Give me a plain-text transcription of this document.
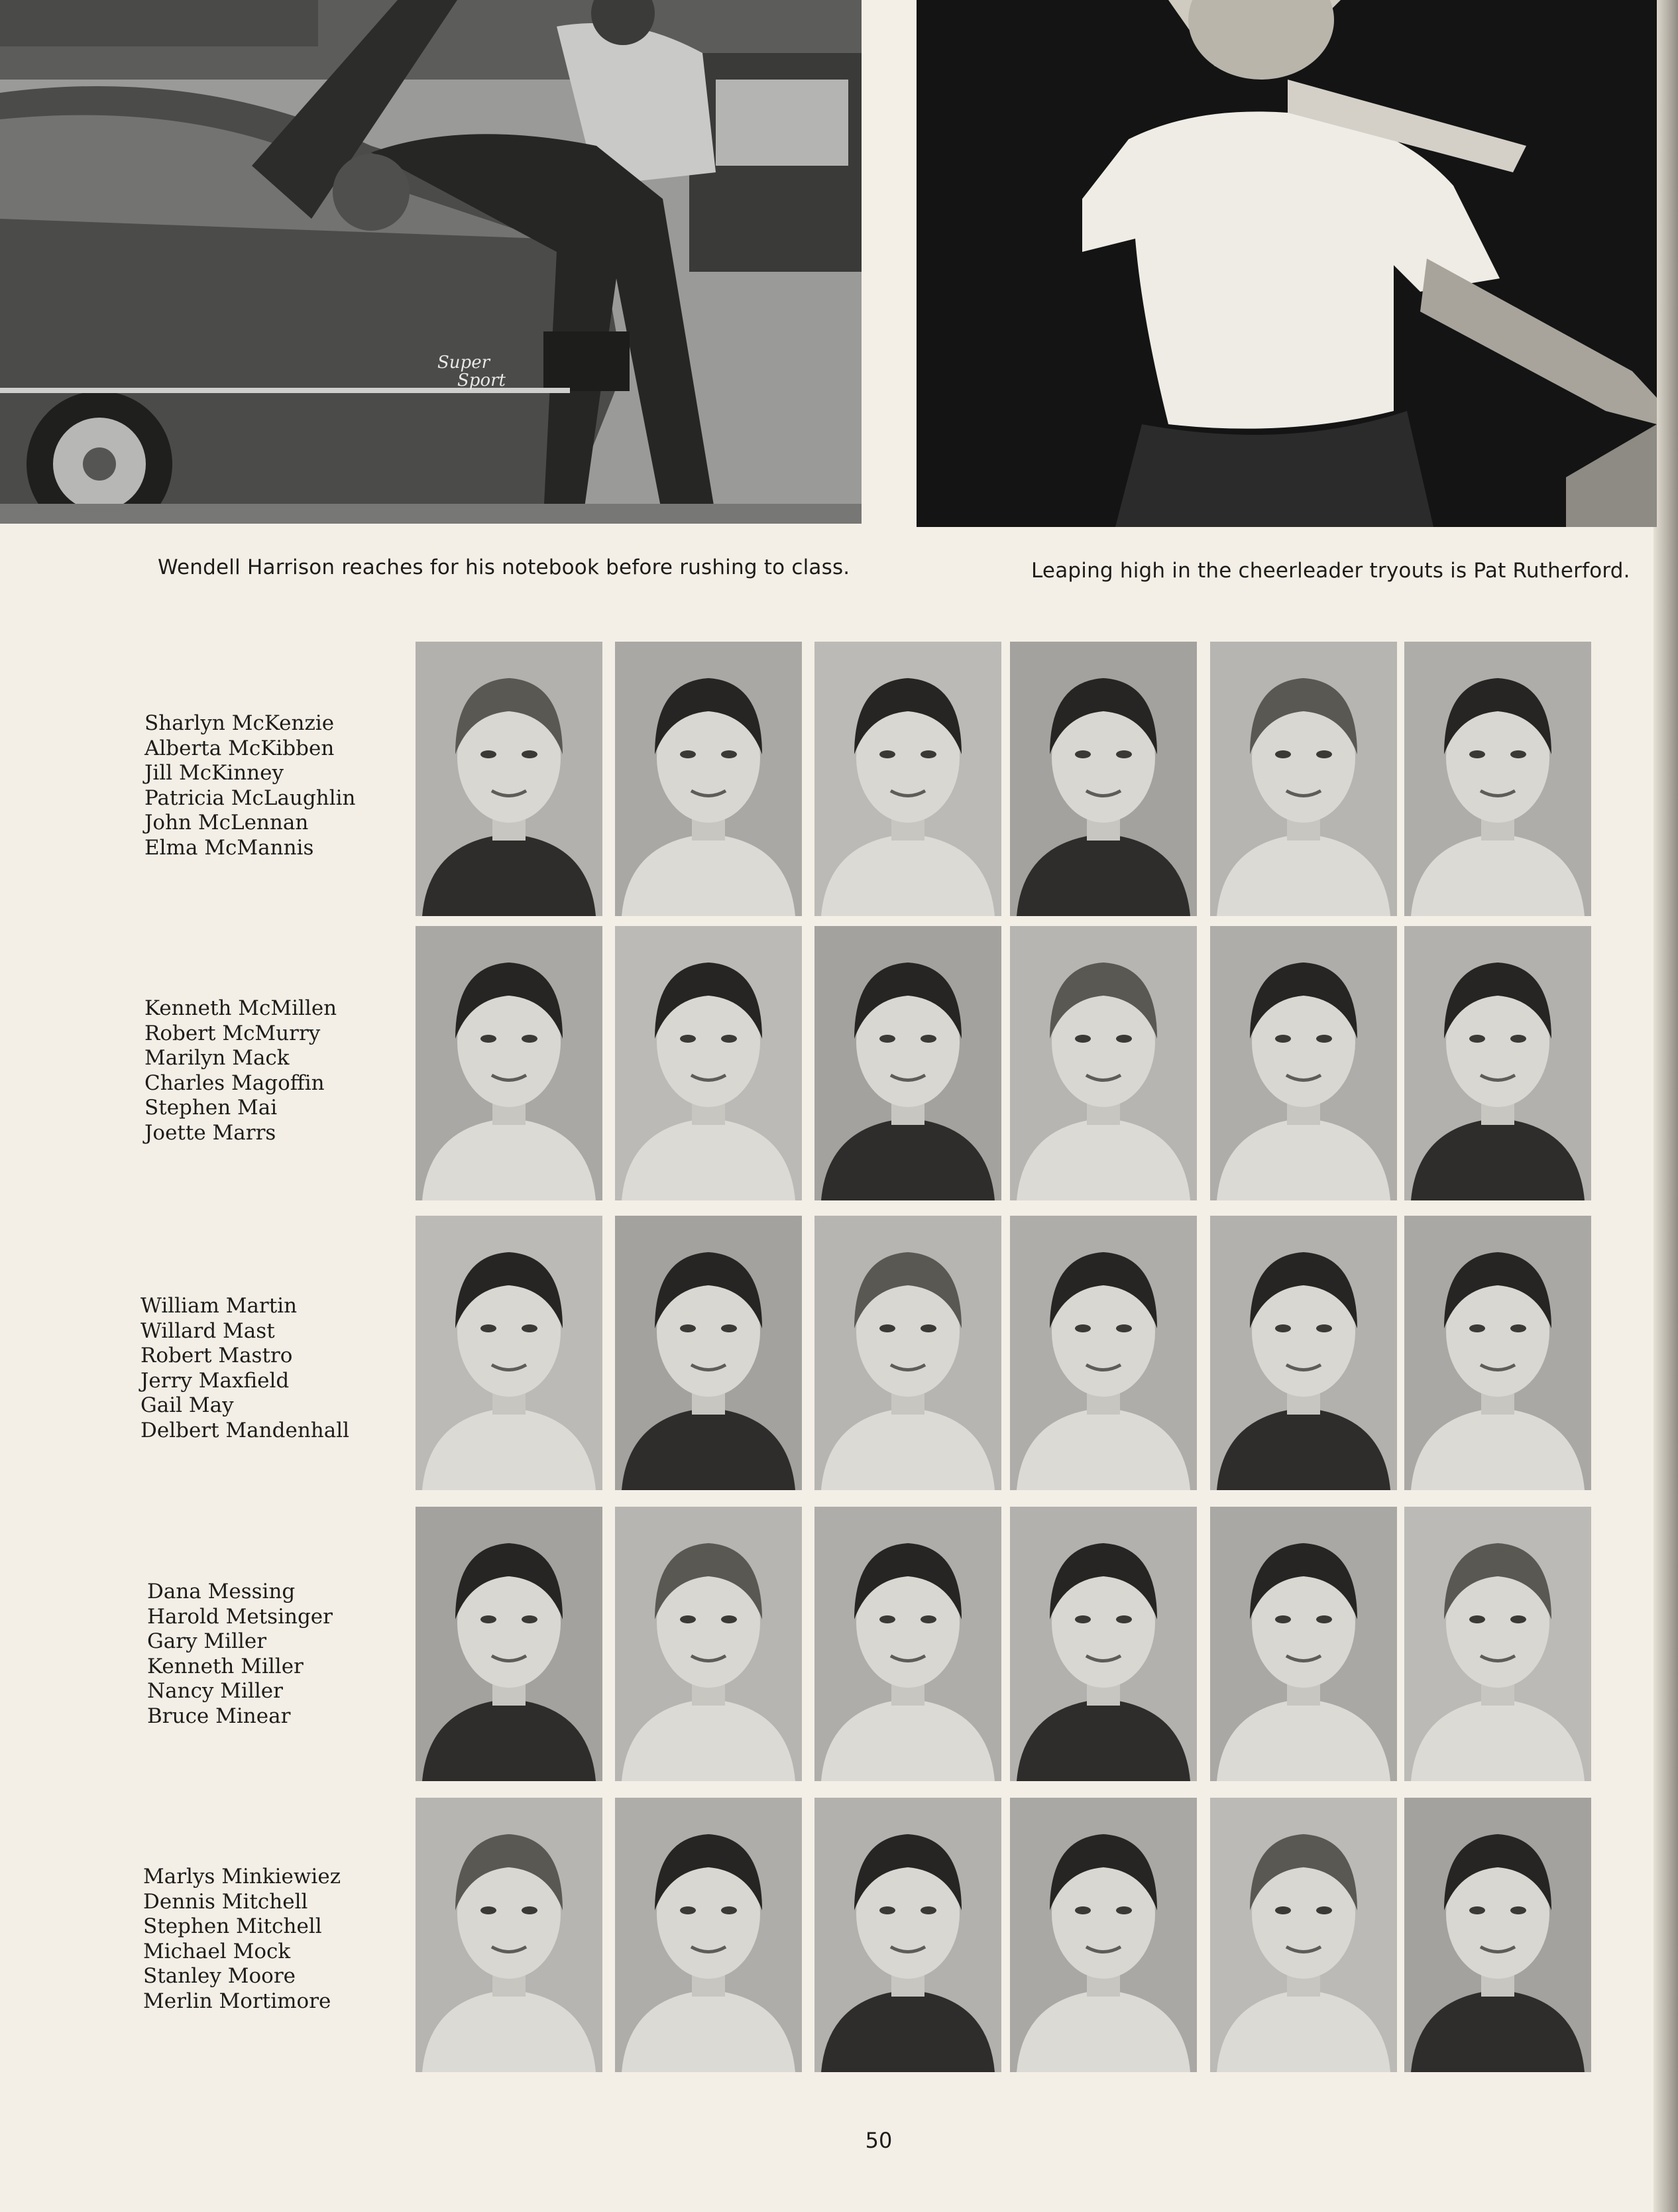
Super
Sport
Wendell Harrison reaches for his notebook before rushing to class.	Leaping high in the cheerleader tryouts is Pat Rutherford.
Sharlyn McKenzie
Alberta McKibben
Jill McKinney
Patricia McLaughlin
John McLennan
Elma McMannis
Kenneth McMillen
Robert McMurry
Marilyn Mack
Charles Magoffin
Stephen Mai
Joette Marrs
William Martin
Willard Mast
Robert Mastro
Jerry Maxfield
Gail May
Delbert Mandenhall
Dana Messing
Harold Metsinger
Gary Miller
Kenneth Miller
Nancy Miller
Bruce Minear
Marlys Minkiewiez
Dennis Mitchell
Stephen Mitchell
Michael Mock
Stanley Moore
Merlin Mortimore
50
